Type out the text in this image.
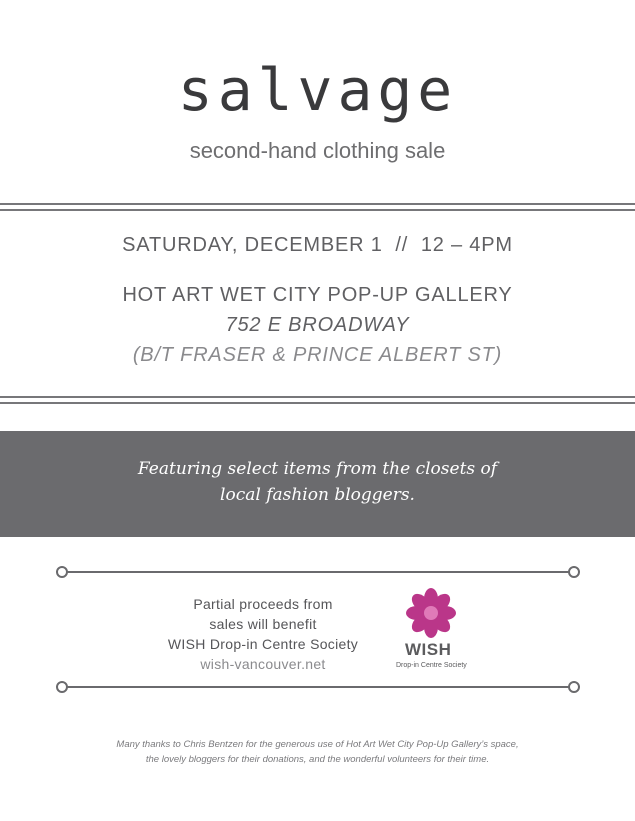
salvage
second-hand clothing sale
SATURDAY, DECEMBER 1  //  12 – 4PM
HOT ART WET CITY POP-UP GALLERY
752 E BROADWAY
(B/T FRASER & PRINCE ALBERT ST)
Featuring select items from the closets of
local fashion bloggers.
Partial proceeds from
sales will benefit
WISH Drop-in Centre Society
wish-vancouver.net
WISH
Drop-in Centre Society
Many thanks to Chris Bentzen for the generous use of Hot Art Wet City Pop-Up Gallery’s space,
the lovely bloggers for their donations, and the wonderful volunteers for their time.
